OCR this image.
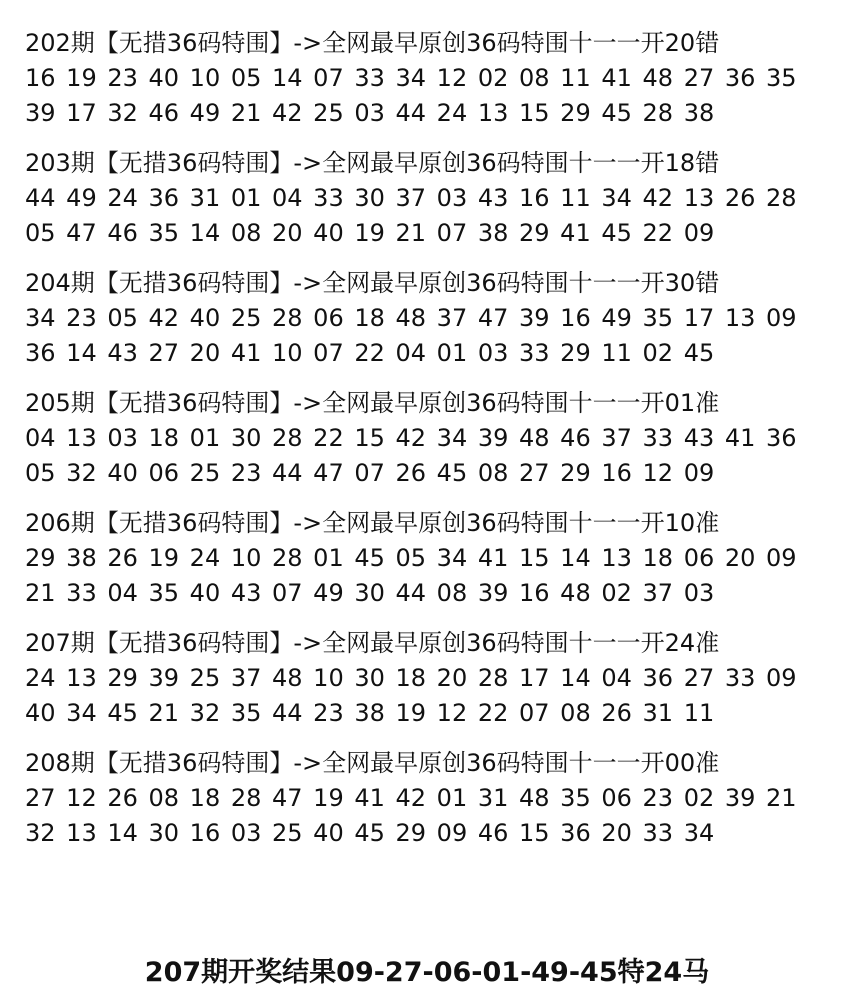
202期【无措36码特围】->全网最早原创36码特围十一一开20错
16 19 23 40 10 05 14 07 33 34 12 02 08 11 41 48 27 36 35
39 17 32 46 49 21 42 25 03 44 24 13 15 29 45 28 38
203期【无措36码特围】->全网最早原创36码特围十一一开18错
44 49 24 36 31 01 04 33 30 37 03 43 16 11 34 42 13 26 28
05 47 46 35 14 08 20 40 19 21 07 38 29 41 45 22 09
204期【无措36码特围】->全网最早原创36码特围十一一开30错
34 23 05 42 40 25 28 06 18 48 37 47 39 16 49 35 17 13 09
36 14 43 27 20 41 10 07 22 04 01 03 33 29 11 02 45
205期【无措36码特围】->全网最早原创36码特围十一一开01准
04 13 03 18 01 30 28 22 15 42 34 39 48 46 37 33 43 41 36
05 32 40 06 25 23 44 47 07 26 45 08 27 29 16 12 09
206期【无措36码特围】->全网最早原创36码特围十一一开10准
29 38 26 19 24 10 28 01 45 05 34 41 15 14 13 18 06 20 09
21 33 04 35 40 43 07 49 30 44 08 39 16 48 02 37 03
207期【无措36码特围】->全网最早原创36码特围十一一开24准
24 13 29 39 25 37 48 10 30 18 20 28 17 14 04 36 27 33 09
40 34 45 21 32 35 44 23 38 19 12 22 07 08 26 31 11
208期【无措36码特围】->全网最早原创36码特围十一一开00准
27 12 26 08 18 28 47 19 41 42 01 31 48 35 06 23 02 39 21
32 13 14 30 16 03 25 40 45 29 09 46 15 36 20 33 34
207期开奖结果09-27-06-01-49-45特24马
